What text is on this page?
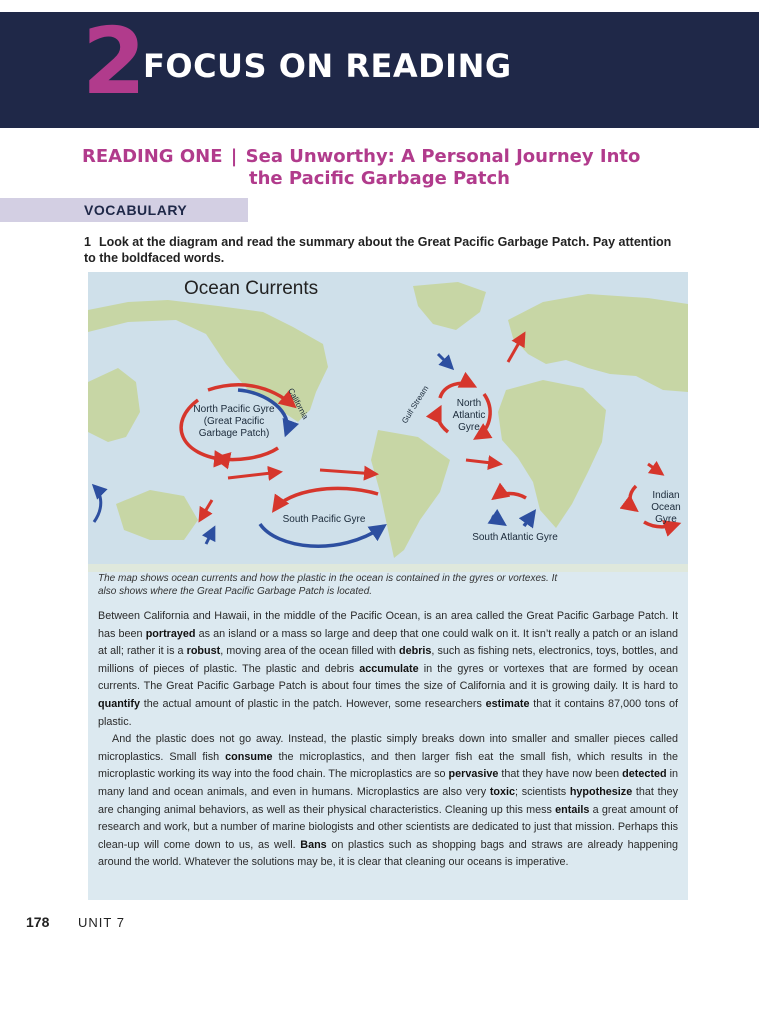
2
FOCUS ON READING
READING ONE | Sea Unworthy: A Personal Journey Into
the Pacific Garbage Patch
VOCABULARY
1 Look at the diagram and read the summary about the Great Pacific Garbage Patch. Pay attention to the boldfaced words.
Gulf Stream
California
Ocean Currents
North Pacific Gyre (Great Pacific Garbage Patch)
North Atlantic Gyre
South Pacific Gyre
South Atlantic Gyre
Indian Ocean Gyre
The map shows ocean currents and how the plastic in the ocean is contained in the gyres or vortexes. It also shows where the Great Pacific Garbage Patch is located.

Between California and Hawaii, in the middle of the Pacific Ocean, is an area called the Great Pacific Garbage Patch. It has been portrayed as an island or a mass so large and deep that one could walk on it. It isn’t really a patch or an island at all; rather it is a robust, moving area of the ocean filled with debris, such as fishing nets, electronics, toys, bottles, and millions of pieces of plastic. The plastic and debris accumulate in the gyres or vortexes that are formed by ocean currents. The Great Pacific Garbage Patch is about four times the size of California and it is growing daily. It is hard to quantify the actual amount of plastic in the patch. However, some researchers estimate that it contains 87,000 tons of plastic.

And the plastic does not go away. Instead, the plastic simply breaks down into smaller and smaller pieces called microplastics. Small fish consume the microplastics, and then larger fish eat the small fish, which results in the microplastic working its way into the food chain. The microplastics are so pervasive that they have now been detected in many land and ocean animals, and even in humans. Microplastics are also very toxic; scientists hypothesize that they are changing animal behaviors, as well as their physical characteristics. Cleaning up this mess entails a great amount of research and work, but a number of marine biologists and other scientists are dedicated to just that mission. Perhaps this clean-up will come down to us, as well. Bans on plastics such as shopping bags and straws are already happening around the world. Whatever the solutions may be, it is clear that cleaning our oceans is imperative.

178 UNIT 7
